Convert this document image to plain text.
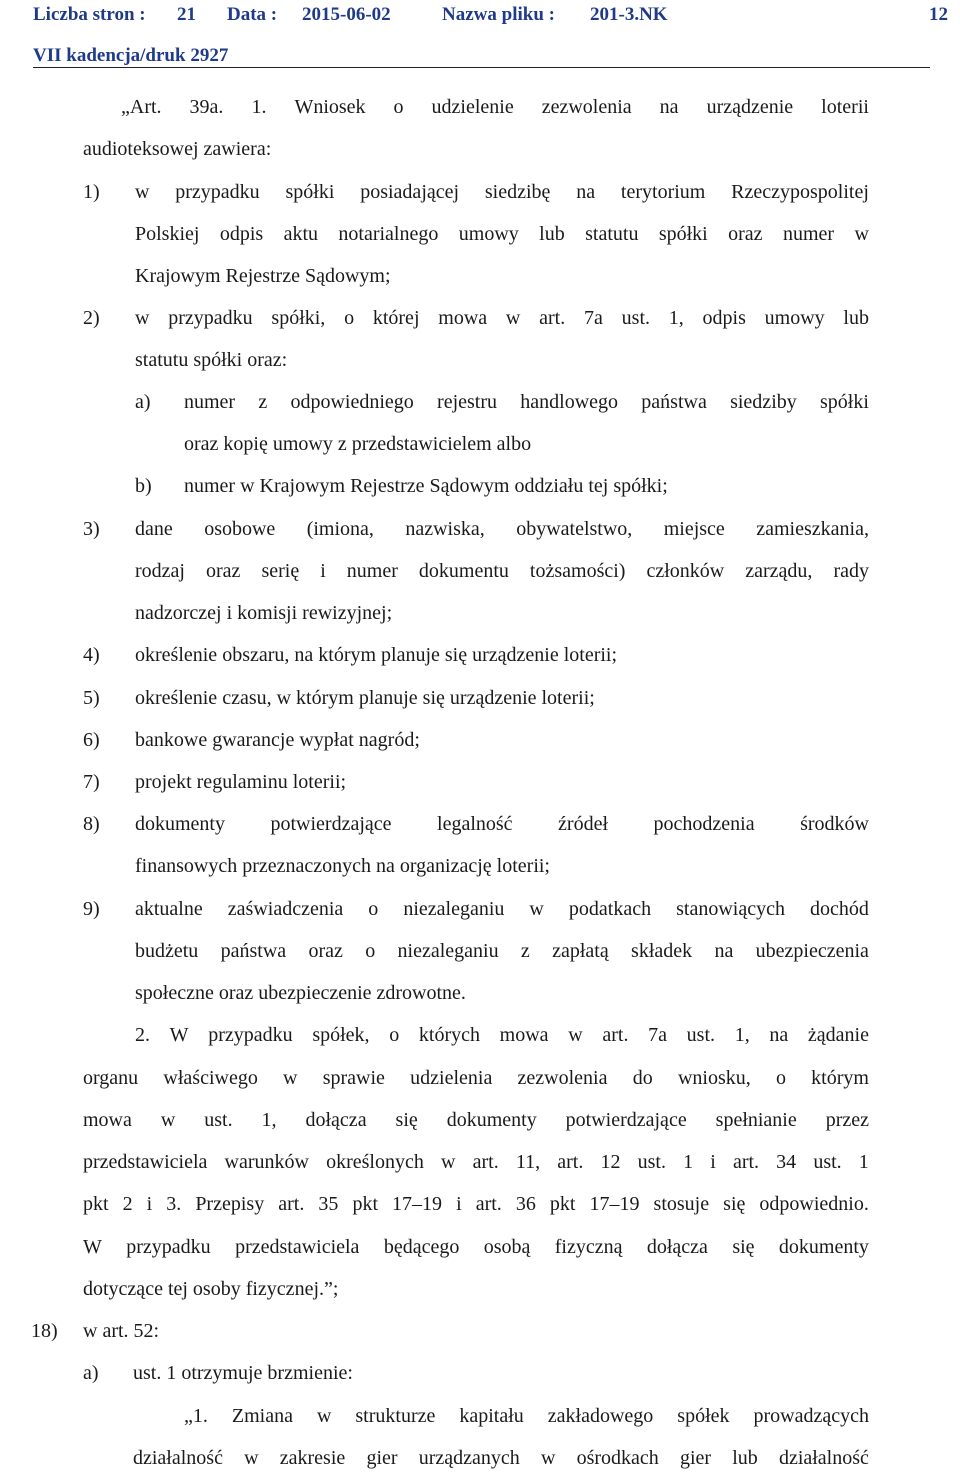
Liczba stron : 21 Data : 2015-06-02	Nazwa pliku : 201-3.NK	12
VII kadencja/druk 2927
„Art. 39a. 1. Wniosek o udzielenie zezwolenia na urządzenie loterii
audioteksowej zawiera:
1) w przypadku spółki posiadającej siedzibę na terytorium Rzeczypospolitej
Polskiej odpis aktu notarialnego umowy lub statutu spółki oraz numer w
Krajowym Rejestrze Sądowym;
2) w przypadku spółki, o której mowa w art. 7a ust. 1, odpis umowy lub
statutu spółki oraz:
a) numer z odpowiedniego rejestru handlowego państwa siedziby spółki
oraz kopię umowy z przedstawicielem albo
b) numer w Krajowym Rejestrze Sądowym oddziału tej spółki;
3) dane osobowe (imiona, nazwiska, obywatelstwo, miejsce zamieszkania,
rodzaj oraz serię i numer dokumentu tożsamości) członków zarządu, rady
nadzorczej i komisji rewizyjnej;
4) określenie obszaru, na którym planuje się urządzenie loterii;
5) określenie czasu, w którym planuje się urządzenie loterii;
6) bankowe gwarancje wypłat nagród;
7) projekt regulaminu loterii;
8) dokumenty potwierdzające legalność źródeł pochodzenia środków
finansowych przeznaczonych na organizację loterii;
9) aktualne zaświadczenia o niezaleganiu w podatkach stanowiących dochód
budżetu państwa oraz o niezaleganiu z zapłatą składek na ubezpieczenia
społeczne oraz ubezpieczenie zdrowotne.
2. W przypadku spółek, o których mowa w art. 7a ust. 1, na żądanie
organu właściwego w sprawie udzielenia zezwolenia do wniosku, o którym
mowa w ust. 1, dołącza się dokumenty potwierdzające spełnianie przez
przedstawiciela warunków określonych w art. 11, art. 12 ust. 1 i art. 34 ust. 1
pkt 2 i 3. Przepisy art. 35 pkt 17–19 i art. 36 pkt 17–19 stosuje się odpowiednio.
W przypadku przedstawiciela będącego osobą fizyczną dołącza się dokumenty
dotyczące tej osoby fizycznej.”;
18) w art. 52:
a) ust. 1 otrzymuje brzmienie:
„1. Zmiana w strukturze kapitału zakładowego spółek prowadzących
działalność w zakresie gier urządzanych w ośrodkach gier lub działalność
